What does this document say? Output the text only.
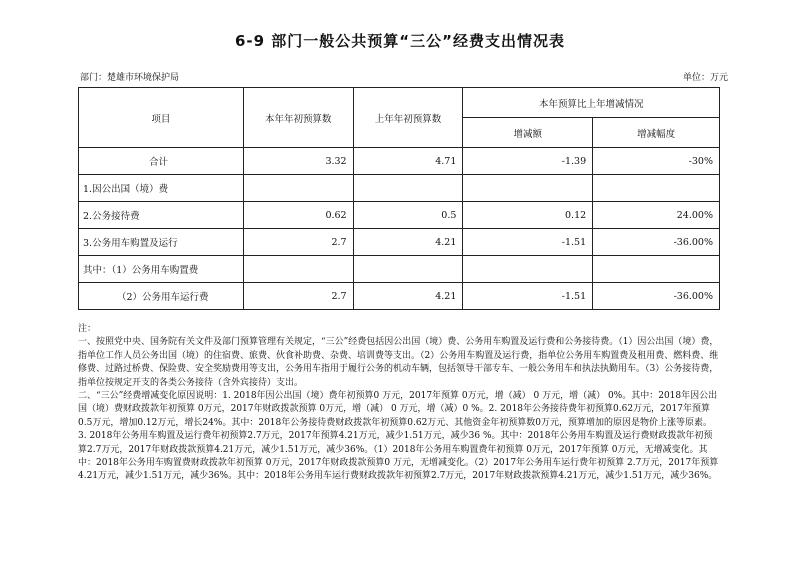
6-9 部门一般公共预算“三公”经费支出情况表
部门：楚雄市环境保护局	单位：万元
项目	本年年初预算数	上年年初预算数	本年预算比上年增减情况	
			增减额	增减幅度
合计	3.32	4.71	-1.39	-30%
1.因公出国（境）费				
2.公务接待费	0.62	0.5	0.12	24.00%
3.公务用车购置及运行	2.7	4.21	-1.51	-36.00%
其中：（1）公务用车购置费				
（2）公务用车运行费	2.7	4.21	-1.51	-36.00%

注：

一、按照党中央、国务院有关文件及部门预算管理有关规定，“三公”经费包括因公出国（境）费、公务用车购置及运行费和公务接待费。（1）因公出国（境）费，指单位工作人员公务出国（境）的住宿费、旅费、伙食补助费、杂费、培训费等支出。（2）公务用车购置及运行费，指单位公务用车购置费及租用费、燃料费、维修费、过路过桥费、保险费、安全奖励费用等支出，公务用车指用于履行公务的机动车辆，包括领导干部专车、一般公务用车和执法执勤用车。（3）公务接待费，指单位按规定开支的各类公务接待（含外宾接待）支出。

二、“三公”经费增减变化原因说明：1. 2018年因公出国（境）费年初预算0 万元，2017年预算 0万元，增（减） 0 万元，增（减） 0%。其中：2018年因公出国（境）费财政拨款年初预算 0万元，2017年财政拨款预算 0万元，增（减） 0 万元，增（减）0 %。2. 2018年公务接待费年初预算0.62万元，2017年预算0.5万元，增加0.12万元，增长24%。其中：2018年公务接待费财政拨款年初预算0.62万元、其他资金年初预算数0万元，预算增加的原因是物价上涨等原素。3. 2018年公务用车购置及运行费年初预算2.7万元，2017年预算4.21万元，减少1.51万元，减少36 %。其中：2018年公务用车购置及运行费财政拨款年初预算2.7万元，2017年财政拨款预算4.21万元，减少1.51万元，减少36%。（1）2018年公务用车购置费年初预算 0万元，2017年预算 0万元，无增减变化。其中：2018年公务用车购置费财政拨款年初预算 0万元，2017年财政拨款预算0 万元，无增减变化。（2）2017年公务用车运行费年初预算 2.7万元，2017年预算4.21万元，减少1.51万元，减少36%。其中：2018年公务用车运行费财政拨款年初预算2.7万元，2017年财政拨款预算4.21万元，减少1.51万元，减少36%。
